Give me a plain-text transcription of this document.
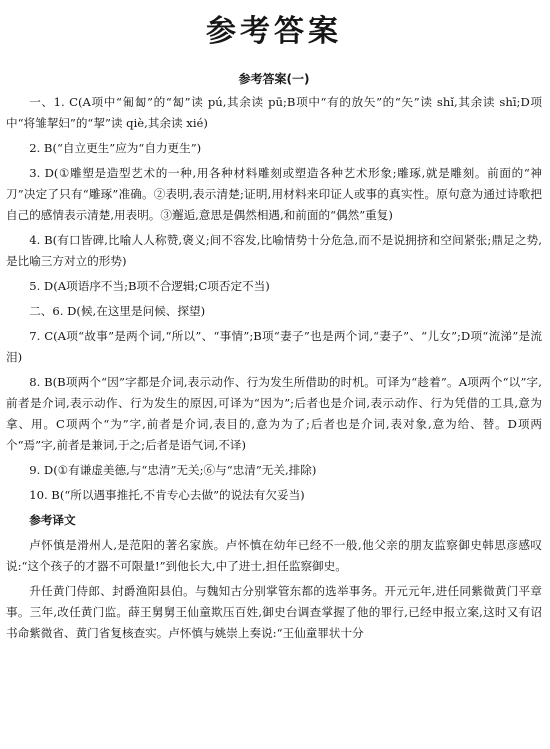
参考答案
参考答案(一)

一、1. C(A项中“匍匐”的“匐”读 pú,其余读 pū;B项中“有的放矢”的“矢”读 shǐ,其余读 shī;D项中“将雏挈妇”的“挈”读 qiè,其余读 xié)

2. B(“自立更生”应为“自力更生”)

3. D(①雕塑是造型艺术的一种,用各种材料雕刻或塑造各种艺术形象;雕琢,就是雕刻。前面的“神刀”决定了只有“雕琢”准确。②表明,表示清楚;证明,用材料来印证人或事的真实性。原句意为通过诗歌把自己的感情表示清楚,用表明。③邂逅,意思是偶然相遇,和前面的“偶然”重复)

4. B(有口皆碑,比喻人人称赞,褒义;间不容发,比喻情势十分危急,而不是说拥挤和空间紧张;鼎足之势,是比喻三方对立的形势)

5. D(A项语序不当;B项不合逻辑;C项否定不当)

二、6. D(候,在这里是问候、探望)

7. C(A项“故事”是两个词,“所以”、“事情”;B项“妻子”也是两个词,“妻子”、“儿女”;D项“流涕”是流泪)

8. B(B项两个“因”字都是介词,表示动作、行为发生所借助的时机。可译为“趁着”。A项两个“以”字,前者是介词,表示动作、行为发生的原因,可译为“因为”;后者也是介词,表示动作、行为凭借的工具,意为拿、用。C项两个“为”字,前者是介词,表目的,意为为了;后者也是介词,表对象,意为给、替。D项两个“焉”字,前者是兼词,于之;后者是语气词,不译)

9. D(①有谦虚美德,与“忠清”无关;⑥与“忠清”无关,排除)

10. B(“所以遇事推托,不肯专心去做”的说法有欠妥当)

参考译文

卢怀慎是滑州人,是范阳的著名家族。卢怀慎在幼年已经不一般,他父亲的朋友监察御史韩思彦感叹说:“这个孩子的才器不可限量!”到他长大,中了进士,担任监察御史。

升任黄门侍郎、封爵渔阳县伯。与魏知古分别掌管东都的选举事务。开元元年,进任同紫微黄门平章事。三年,改任黄门监。薛王舅舅王仙童欺压百姓,御史台调查掌握了他的罪行,已经申报立案,这时又有诏书命紫微省、黄门省复核查实。卢怀慎与姚崇上奏说:“王仙童罪状十分
